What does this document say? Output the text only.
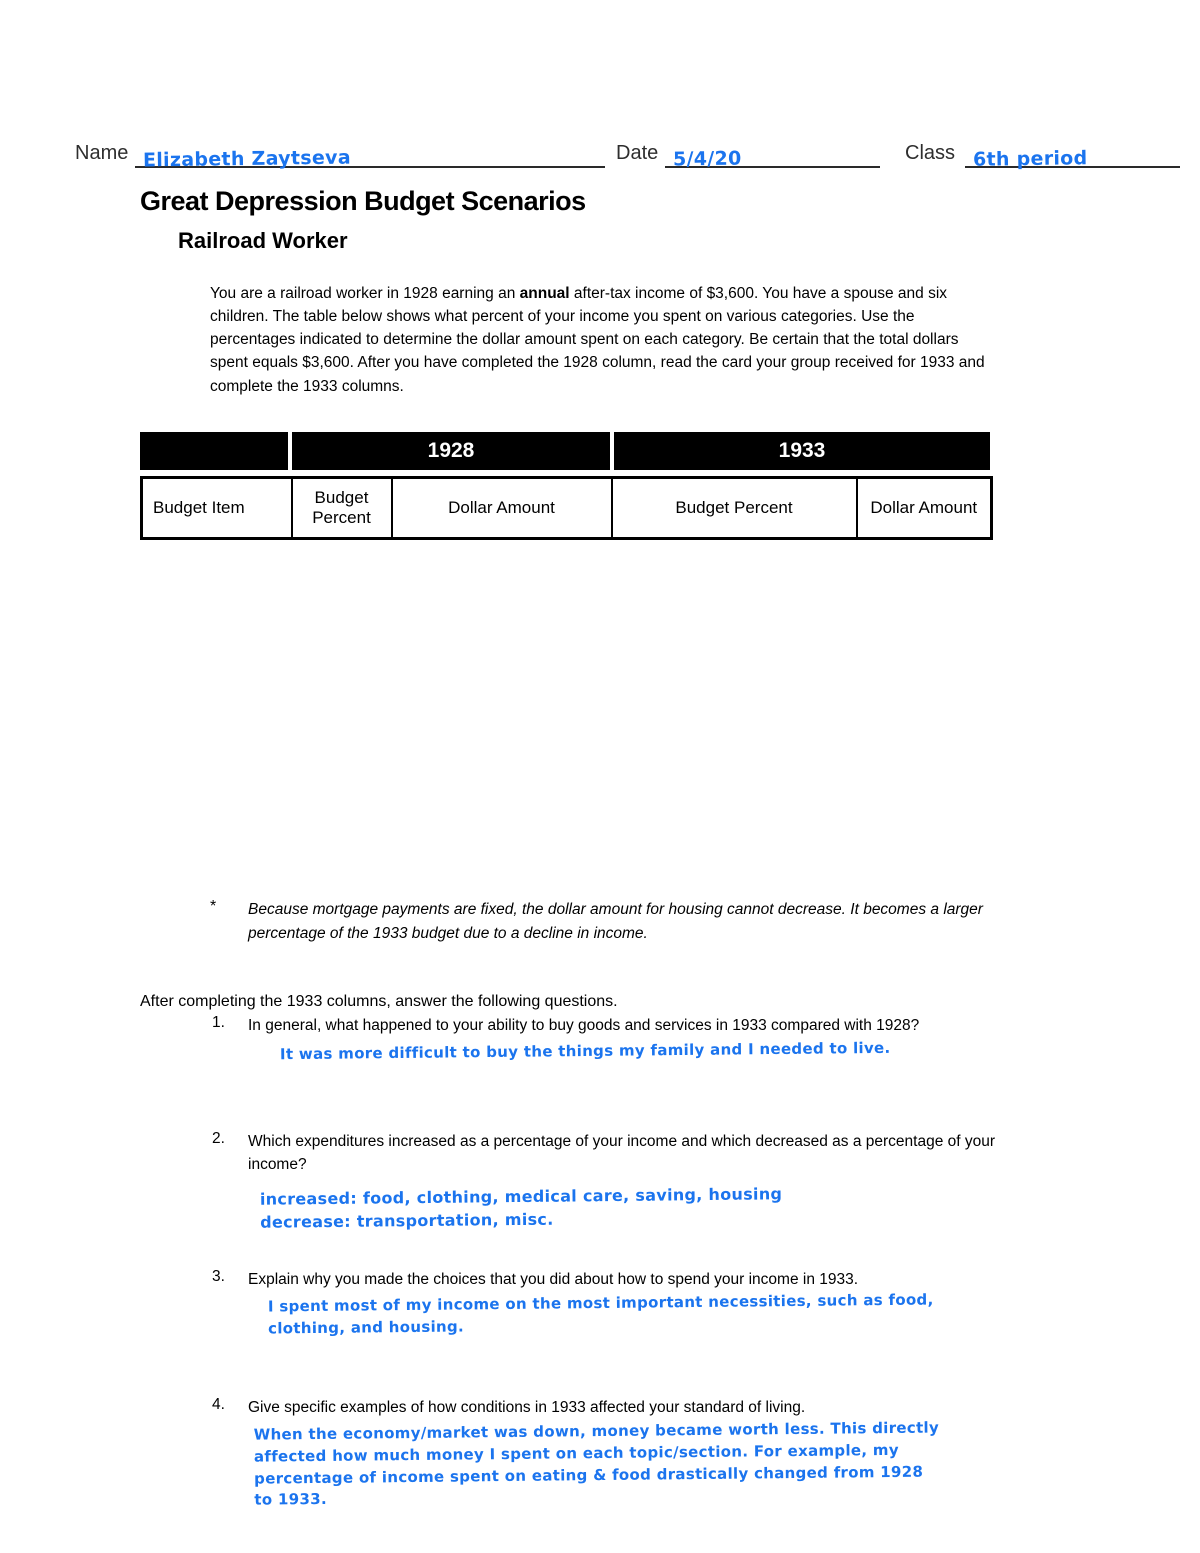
Name Elizabeth Zaytseva	Date 5/4/20	Class 6th period
Great Depression Budget Scenarios
Railroad Worker

You are a railroad worker in 1928 earning an annual after-tax income of $3,600. You have a spouse and six children. The table below shows what percent of your income you spent on various categories. Use the percentages indicated to determine the dollar amount spent on each category. Be certain that the total dollars spent equals $3,600. After you have completed the 1928 column, read the card your group received for 1933 and complete the 1933 columns.

1928	1933
Budget Item	Budget Percent	Dollar Amount	Budget Percent	Dollar Amount
*	Because mortgage payments are fixed, the dollar amount for housing cannot decrease. It becomes a larger percentage of the 1933 budget due to a decline in income.

After completing the 1933 columns, answer the following questions.

1. In general, what happened to your ability to buy goods and services in 1933 compared with 1928?
It was more difficult to buy the things my family and I needed to live.
2. Which expenditures increased as a percentage of your income and which decreased as a percentage of your income?
increased: food, clothing, medical care, saving, housing
decrease: transportation, misc.
3. Explain why you made the choices that you did about how to spend your income in 1933.
I spent most of my income on the most important necessities, such as food,
clothing, and housing.
4. Give specific examples of how conditions in 1933 affected your standard of living.
When the economy/market was down, money became worth less. This directly
affected how much money I spent on each topic/section. For example, my
percentage of income spent on eating & food drastically changed from 1928
to 1933.
